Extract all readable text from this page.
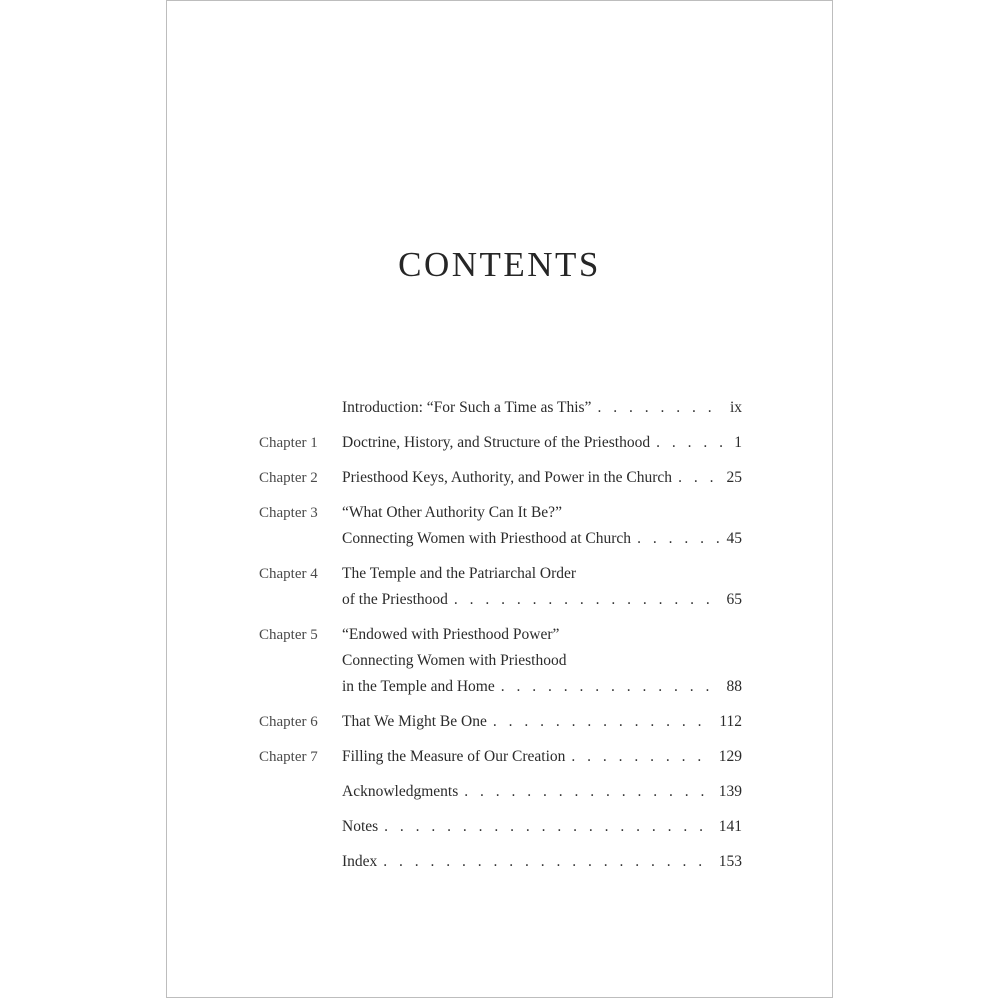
CONTENTS
Introduction: “For Such a Time as This” . . .	ix
Chapter 1	Doctrine, History, and Structure of the Priesthood . . .	1
Chapter 2	Priesthood Keys, Authority, and Power in the Church . . .	25
Chapter 3	“What Other Authority Can It Be?”
Connecting Women with Priesthood at Church . . .	45
Chapter 4	The Temple and the Patriarchal Order
of the Priesthood . . .	65
Chapter 5	“Endowed with Priesthood Power”
Connecting Women with Priesthood
in the Temple and Home . . .	88
Chapter 6	That We Might Be One . . .	112
Chapter 7	Filling the Measure of Our Creation . . .	129
Acknowledgments . . .	139
Notes . . .	141
Index . . .	153
